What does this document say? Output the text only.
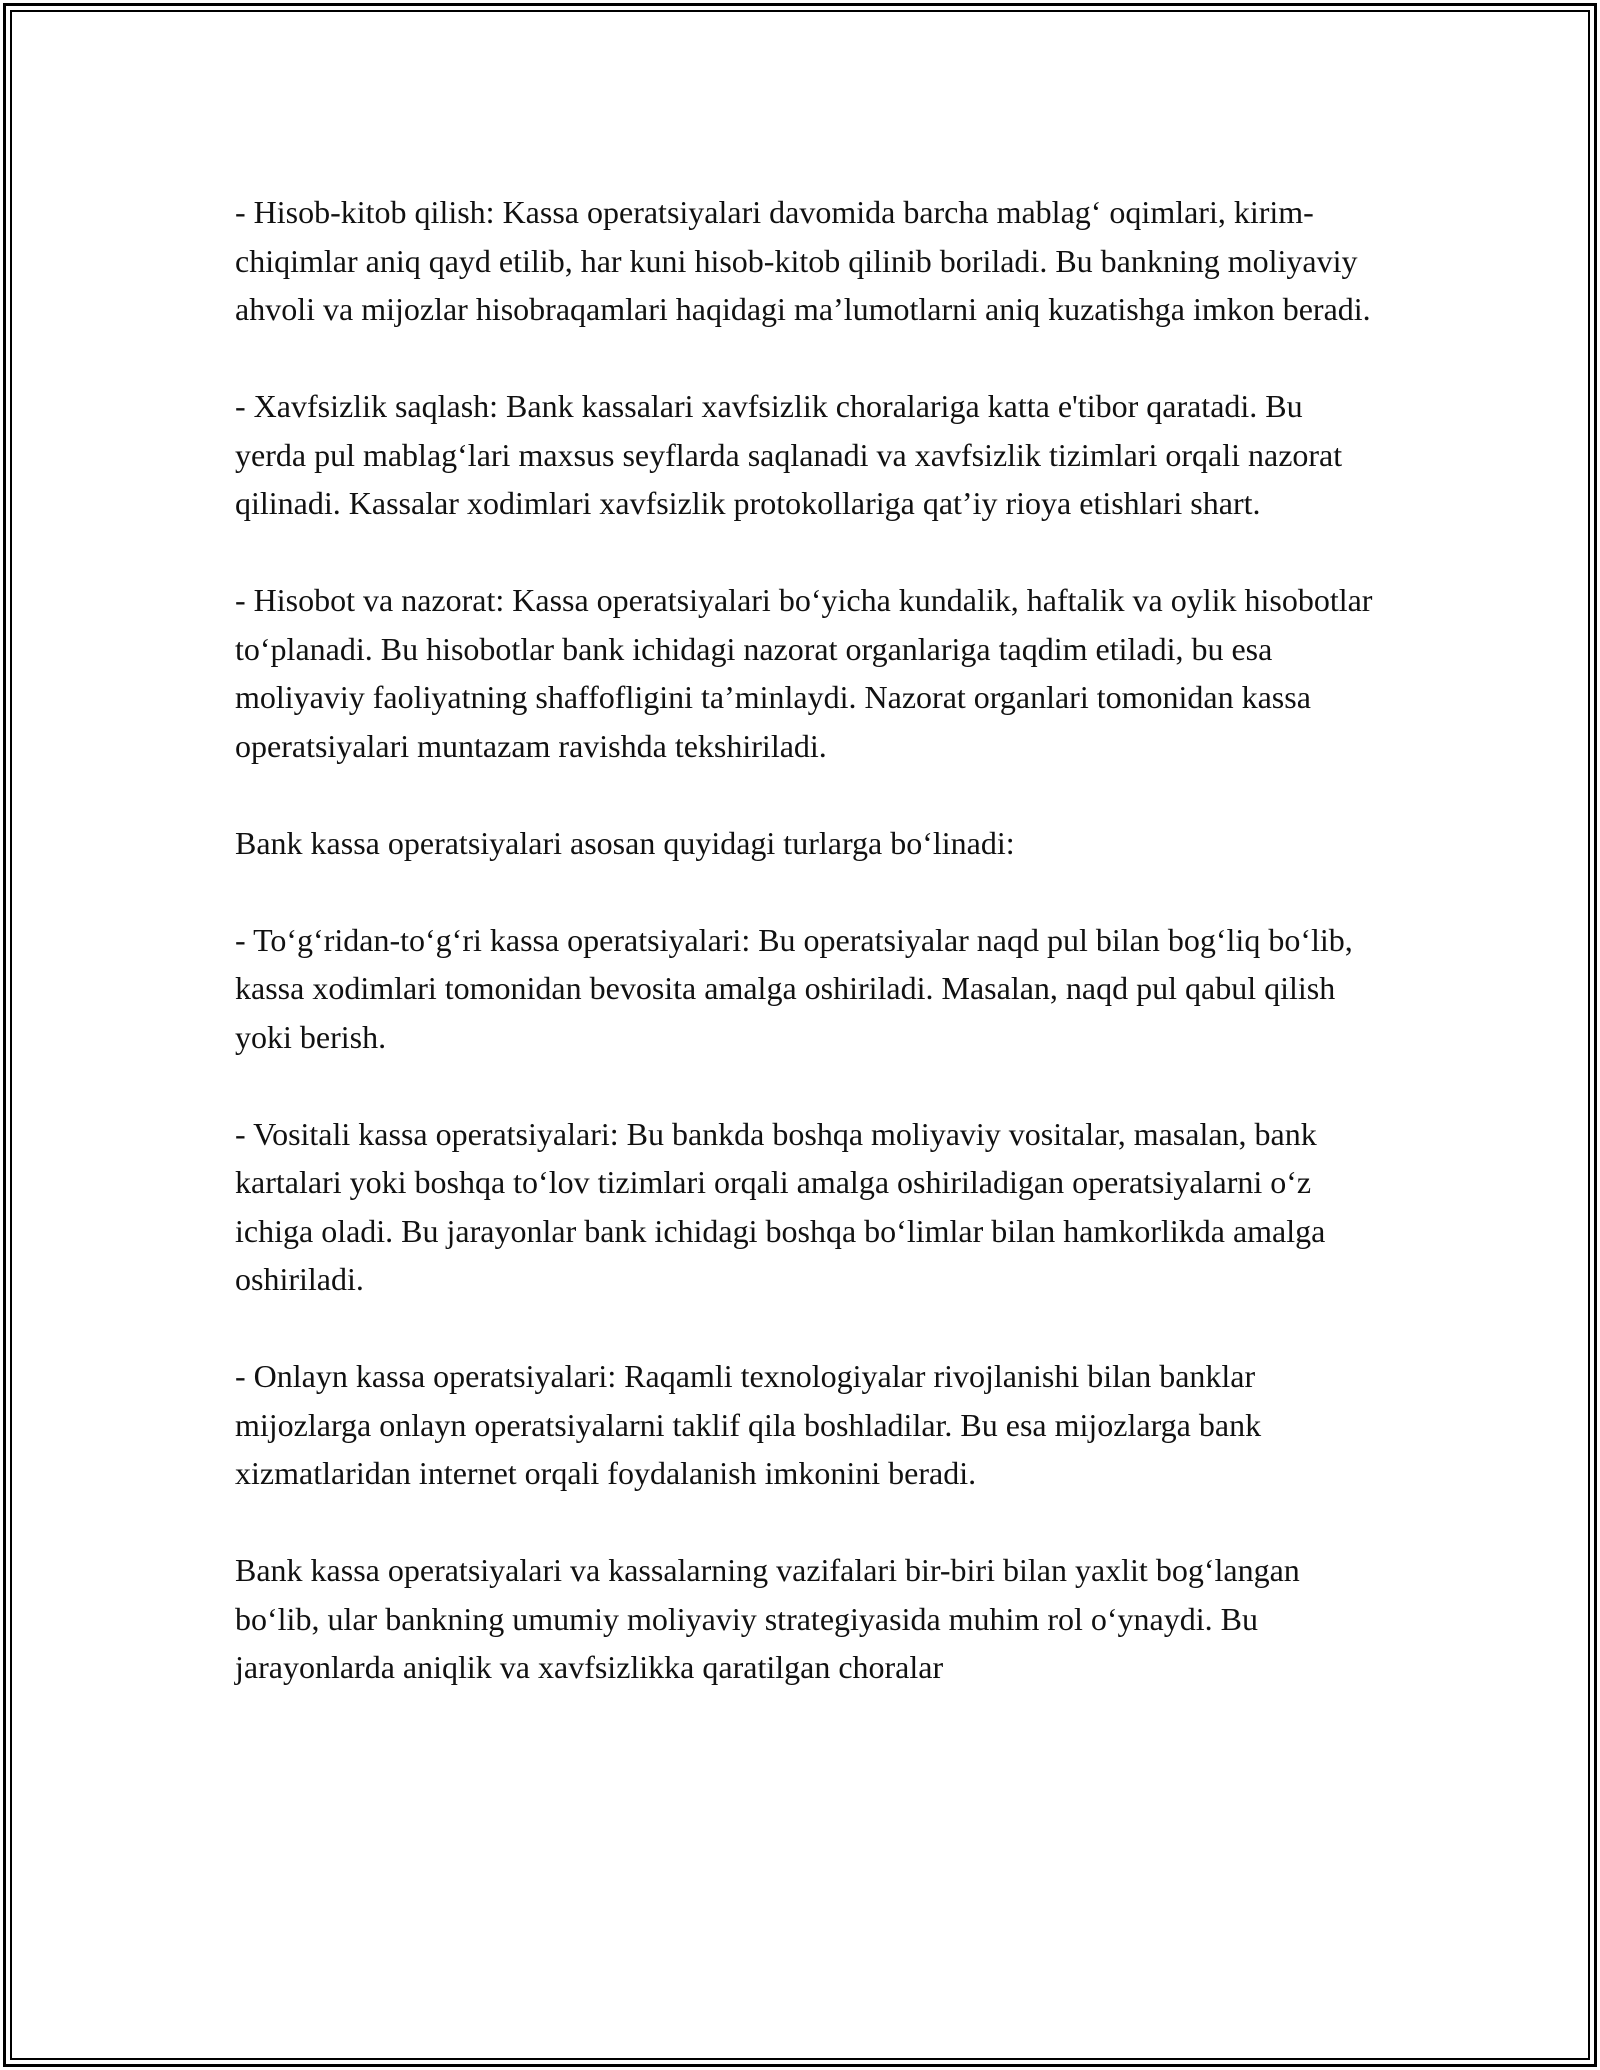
- Hisob-kitob qilish: Kassa operatsiyalari davomida barcha mablag‘ oqimlari, kirim-chiqimlar aniq qayd etilib, har kuni hisob-kitob qilinib boriladi. Bu bankning moliyaviy ahvoli va mijozlar hisobraqamlari haqidagi ma’lumotlarni aniq kuzatishga imkon beradi.

- Xavfsizlik saqlash: Bank kassalari xavfsizlik choralariga katta e'tibor qaratadi. Bu yerda pul mablag‘lari maxsus seyflarda saqlanadi va xavfsizlik tizimlari orqali nazorat qilinadi. Kassalar xodimlari xavfsizlik protokollariga qat’iy rioya etishlari shart.

- Hisobot va nazorat: Kassa operatsiyalari bo‘yicha kundalik, haftalik va oylik hisobotlar to‘planadi. Bu hisobotlar bank ichidagi nazorat organlariga taqdim etiladi, bu esa moliyaviy faoliyatning shaffofligini ta’minlaydi. Nazorat organlari tomonidan kassa operatsiyalari muntazam ravishda tekshiriladi.

Bank kassa operatsiyalari asosan quyidagi turlarga bo‘linadi:

- To‘g‘ridan-to‘g‘ri kassa operatsiyalari: Bu operatsiyalar naqd pul bilan bog‘liq bo‘lib, kassa xodimlari tomonidan bevosita amalga oshiriladi. Masalan, naqd pul qabul qilish yoki berish.

- Vositali kassa operatsiyalari: Bu bankda boshqa moliyaviy vositalar, masalan, bank kartalari yoki boshqa to‘lov tizimlari orqali amalga oshiriladigan operatsiyalarni o‘z ichiga oladi. Bu jarayonlar bank ichidagi boshqa bo‘limlar bilan hamkorlikda amalga oshiriladi.

- Onlayn kassa operatsiyalari: Raqamli texnologiyalar rivojlanishi bilan banklar mijozlarga onlayn operatsiyalarni taklif qila boshladilar. Bu esa mijozlarga bank xizmatlaridan internet orqali foydalanish imkonini beradi.

Bank kassa operatsiyalari va kassalarning vazifalari bir-biri bilan yaxlit bog‘langan bo‘lib, ular bankning umumiy moliyaviy strategiyasida muhim rol o‘ynaydi. Bu jarayonlarda aniqlik va xavfsizlikka qaratilgan choralar
